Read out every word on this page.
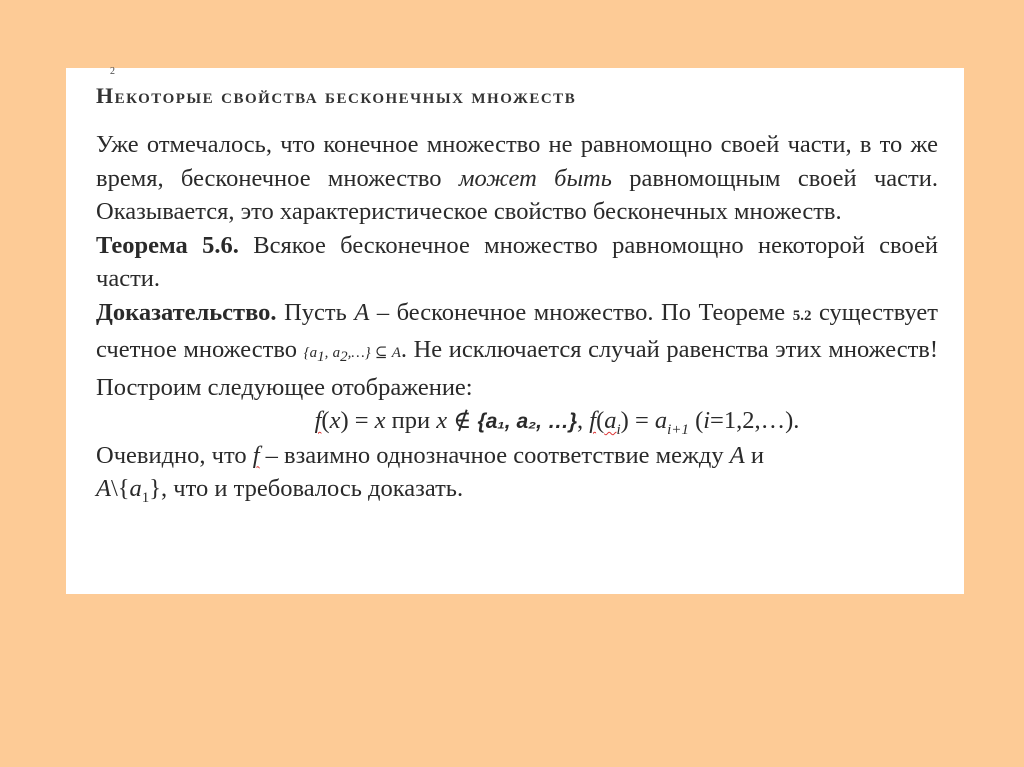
2
Некоторые свойства бесконечных множеств

Уже отмечалось, что конечное множество не равномощно своей части, в то же время, бесконечное множество может быть равномощным своей части. Оказывается, это характеристическое свойство бесконечных множеств.

Теорема 5.6. Всякое бесконечное множество равномощно некоторой своей части.

Доказательство. Пусть A – бесконечное множество. По Теореме 5.2 существует счетное множество {$a_1$, $a_2,\dots$} ⊆ A. Не исключается случай равенства этих множеств! Построим следующее отображение:

f(x) = x при x ∉ {a₁, a₂, …}, $f(a_i) = a_{i+1}$ (i=1,2,…).

Очевидно, что f – взаимно однозначное соответствие между A и
$A\backslash\{a_1\}$, что и требовалось доказать.
